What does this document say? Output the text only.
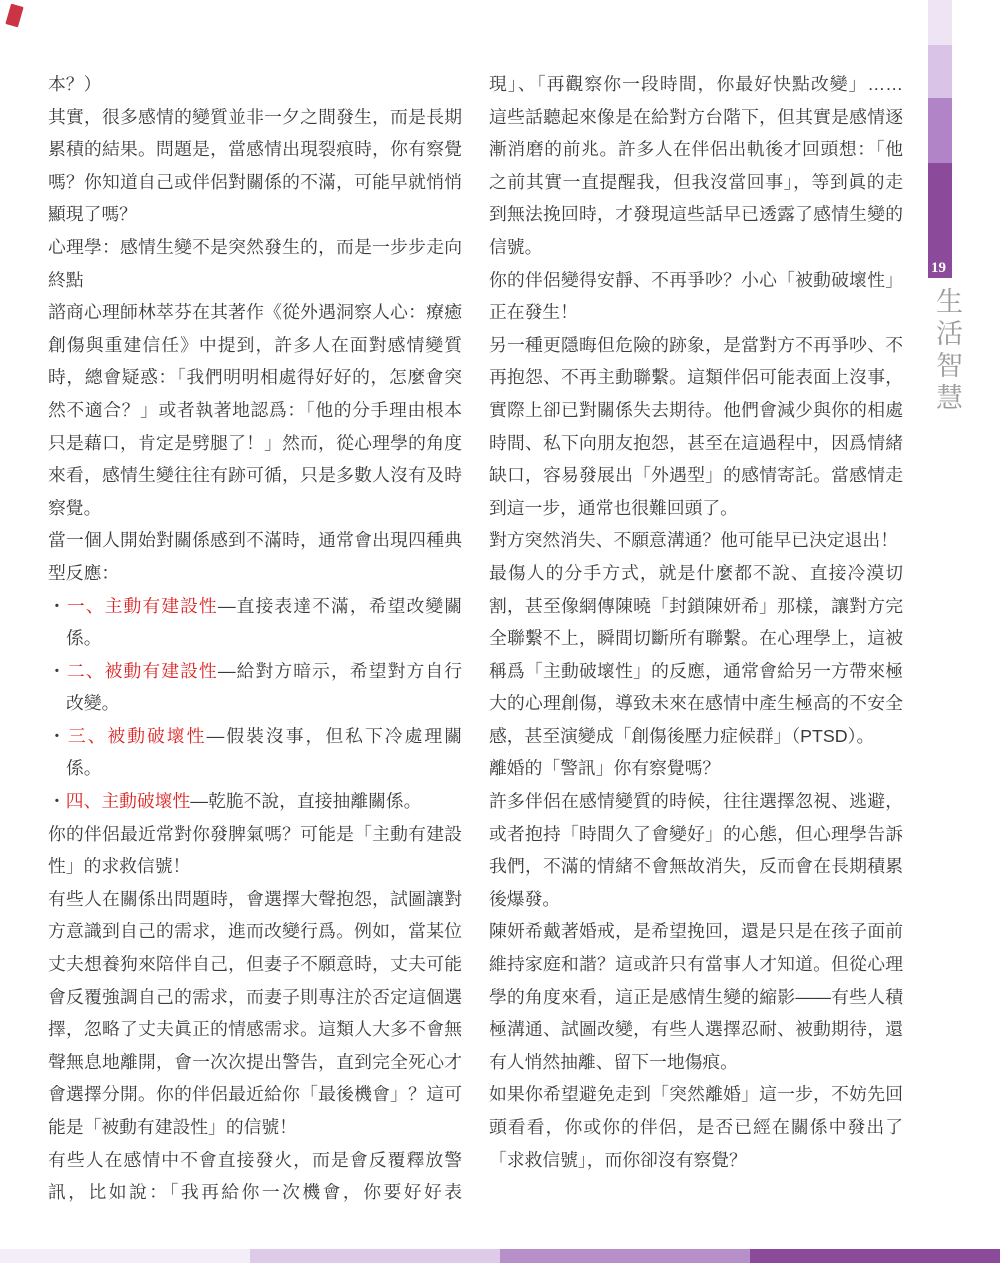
本？）
其實，很多感情的變質並非一夕之間發生，而是長期
累積的結果。問題是，當感情出現裂痕時，你有察覺
嗎？你知道自己或伴侶對關係的不滿，可能早就悄悄
顯現了嗎？
心理學：感情生變不是突然發生的，而是一步步走向
終點
諮商心理師林萃芬在其著作《從外遇洞察人心：療癒
創傷與重建信任》中提到，許多人在面對感情變質
時，總會疑惑：「我們明明相處得好好的，怎麼會突
然不適合？」或者執著地認爲：「他的分手理由根本
只是藉口，肯定是劈腿了！」然而，從心理學的角度
來看，感情生變往往有跡可循，只是多數人沒有及時
察覺。
當一個人開始對關係感到不滿時，通常會出現四種典
型反應：
・一、主動有建設性—直接表達不滿，希望改變關
係。
・二、被動有建設性—給對方暗示，希望對方自行
改變。
・三、被動破壞性—假裝沒事，但私下冷處理關
係。
・四、主動破壞性—乾脆不說，直接抽離關係。
你的伴侶最近常對你發脾氣嗎？可能是「主動有建設
性」的求救信號！
有些人在關係出問題時，會選擇大聲抱怨，試圖讓對
方意識到自己的需求，進而改變行爲。例如，當某位
丈夫想養狗來陪伴自己，但妻子不願意時，丈夫可能
會反覆強調自己的需求，而妻子則專注於否定這個選
擇，忽略了丈夫眞正的情感需求。這類人大多不會無
聲無息地離開，會一次次提出警告，直到完全死心才
會選擇分開。你的伴侶最近給你「最後機會」？這可
能是「被動有建設性」的信號！
有些人在感情中不會直接發火，而是會反覆釋放警
訊，比如說：「我再給你一次機會，你要好好表
現」、「再觀察你一段時間，你最好快點改變」……
這些話聽起來像是在給對方台階下，但其實是感情逐
漸消磨的前兆。許多人在伴侶出軌後才回頭想：「他
之前其實一直提醒我，但我沒當回事」，等到眞的走
到無法挽回時，才發現這些話早已透露了感情生變的
信號。
你的伴侶變得安靜、不再爭吵？小心「被動破壞性」
正在發生！
另一種更隱晦但危險的跡象，是當對方不再爭吵、不
再抱怨、不再主動聯繫。這類伴侶可能表面上沒事，
實際上卻已對關係失去期待。他們會減少與你的相處
時間、私下向朋友抱怨，甚至在這過程中，因爲情緒
缺口，容易發展出「外遇型」的感情寄託。當感情走
到這一步，通常也很難回頭了。
對方突然消失、不願意溝通？他可能早已決定退出！
最傷人的分手方式，就是什麼都不說、直接冷漠切
割，甚至像網傳陳曉「封鎖陳妍希」那樣，讓對方完
全聯繫不上，瞬間切斷所有聯繫。在心理學上，這被
稱爲「主動破壞性」的反應，通常會給另一方帶來極
大的心理創傷，導致未來在感情中產生極高的不安全
感，甚至演變成「創傷後壓力症候群」（PTSD）。
離婚的「警訊」你有察覺嗎？
許多伴侶在感情變質的時候，往往選擇忽視、逃避，
或者抱持「時間久了會變好」的心態，但心理學告訴
我們，不滿的情緒不會無故消失，反而會在長期積累
後爆發。
陳妍希戴著婚戒，是希望挽回，還是只是在孩子面前
維持家庭和諧？這或許只有當事人才知道。但從心理
學的角度來看，這正是感情生變的縮影——有些人積
極溝通、試圖改變，有些人選擇忍耐、被動期待，還
有人悄然抽離、留下一地傷痕。
如果你希望避免走到「突然離婚」這一步，不妨先回
頭看看，你或你的伴侶，是否已經在關係中發出了
「求救信號」，而你卻沒有察覺？
19
生活智慧
